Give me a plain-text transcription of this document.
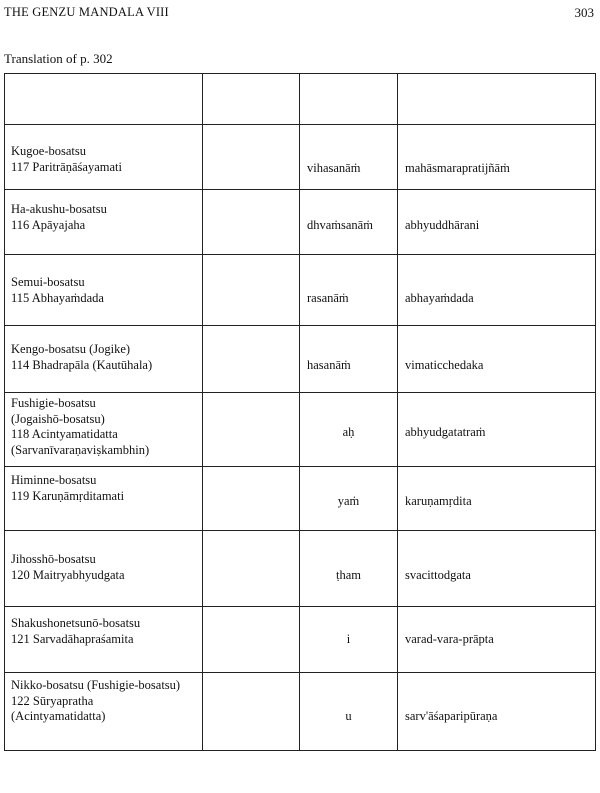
THE GENZU MANDALA VIII	303
Translation of p. 302

Kugoe-bosatsu
117 Paritrāṇāśayamati		vihasanāṁ	mahāsmarapratijñāṁ

Ha-akushu-bosatsu
116 Apāyajaha		dhvaṁsanāṁ	abhyuddhārani

Semui-bosatsu
115 Abhayaṁdada		rasanāṁ	abhayaṁdada

Kengo-bosatsu (Jogike)
114 Bhadrapāla (Kautūhala)		hasanāṁ	vimaticchedaka

Fushigie-bosatsu
(Jogaishō-bosatsu)
118 Acintyamatidatta
(Sarvanīvaraṇaviṣkambhin)		aḥ	abhyudgatatraṁ

Himinne-bosatsu
119 Karuṇāmṛditamati		yaṁ	karuṇamṛdita

Jihosshō-bosatsu
120 Maitryabhyudgata		ṭham	svacittodgata

Shakushonetsunō-bosatsu
121 Sarvadāhapraśamita		i	varad-vara-prāpta

Nikko-bosatsu (Fushigie-bosatsu)
122 Sūryapratha
(Acintyamatidatta)		u	sarv'āśaparipūraṇa
